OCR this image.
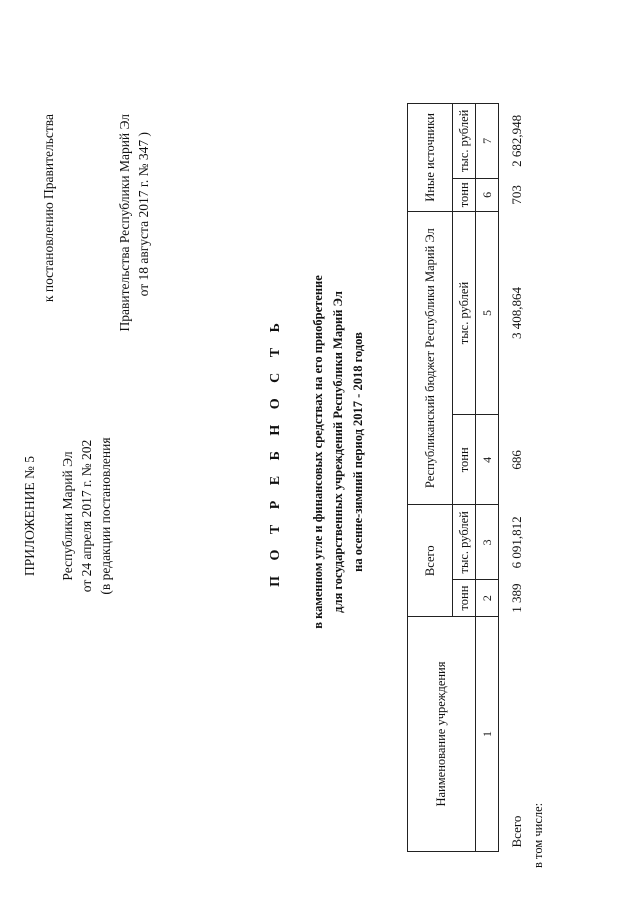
ПРИЛОЖЕНИЕ № 5
к постановлению Правительства
Республики Марий Эл от 24 апреля 2017 г. № 202 (в редакции постановления
Правительства Республики Марий Эл от 18 августа 2017 г. № 347 )
П О Т Р Е Б Н О С Т Ь в каменном угле и финансовых средствах на его приобретение для государственных учреждений Республики Марий Эл на осенне-зимний период 2017 - 2018 годов
Наименование учреждения	Всего		Республиканский бюджет Республики Марий Эл		Иные источники	
	тонн	тыс. рублей	тонн	тыс. рублей	тонн	тыс. рублей
1	2	3	4	5	6	7
Всего	1 389	6 091,812	686	3 408,864	703	2 682,948
в том числе:
